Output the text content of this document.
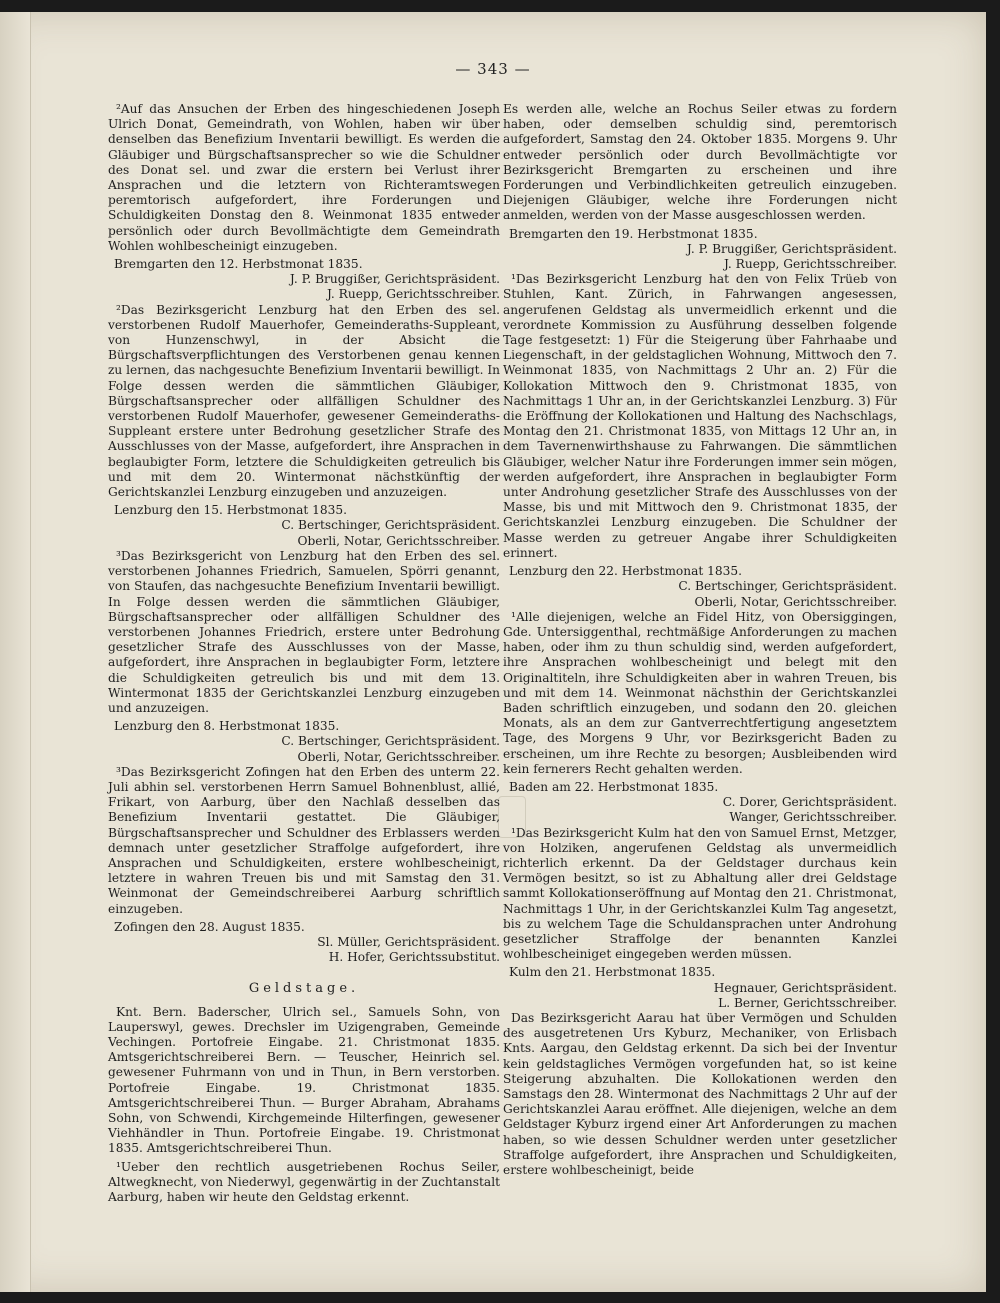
— 343 —

²Auf das Ansuchen der Erben des hingeschiedenen Joseph Ulrich Donat, Gemeindrath, von Wohlen, haben wir über denselben das Benefizium Inventarii bewilligt. Es werden die Gläubiger und Bürgschaftsansprecher so wie die Schuldner des Donat sel. und zwar die erstern bei Verlust ihrer Ansprachen und die letztern von Richteramtswegen peremtorisch aufgefordert, ihre Forderungen und Schuldigkeiten Donstag den 8. Weinmonat 1835 entweder persönlich oder durch Bevollmächtigte dem Gemeindrath Wohlen wohlbescheinigt einzugeben.

Bremgarten den 12. Herbstmonat 1835.
J. P. Bruggißer, Gerichtspräsident.
J. Ruepp, Gerichtsschreiber.

²Das Bezirksgericht Lenzburg hat den Erben des sel. verstorbenen Rudolf Mauerhofer, Gemeinderaths-Suppleant, von Hunzenschwyl, in der Absicht die Bürgschaftsverpflichtungen des Verstorbenen genau kennen zu lernen, das nachgesuchte Benefizium Inventarii bewilligt. In Folge dessen werden die sämmtlichen Gläubiger, Bürgschaftsansprecher oder allfälligen Schuldner des verstorbenen Rudolf Mauerhofer, gewesener Gemeinderaths-Suppleant erstere unter Bedrohung gesetzlicher Strafe des Ausschlusses von der Masse, aufgefordert, ihre Ansprachen in beglaubigter Form, letztere die Schuldigkeiten getreulich bis und mit dem 20. Wintermonat nächstkünftig der Gerichtskanzlei Lenzburg einzugeben und anzuzeigen.

Lenzburg den 15. Herbstmonat 1835.
C. Bertschinger, Gerichtspräsident.
Oberli, Notar, Gerichtsschreiber.

³Das Bezirksgericht von Lenzburg hat den Erben des sel. verstorbenen Johannes Friedrich, Samuelen, Spörri genannt, von Staufen, das nachgesuchte Benefizium Inventarii bewilligt. In Folge dessen werden die sämmtlichen Gläubiger, Bürgschaftsansprecher oder allfälligen Schuldner des verstorbenen Johannes Friedrich, erstere unter Bedrohung gesetzlicher Strafe des Ausschlusses von der Masse, aufgefordert, ihre Ansprachen in beglaubigter Form, letztere die Schuldigkeiten getreulich bis und mit dem 13. Wintermonat 1835 der Gerichtskanzlei Lenzburg einzugeben und anzuzeigen.

Lenzburg den 8. Herbstmonat 1835.
C. Bertschinger, Gerichtspräsident.
Oberli, Notar, Gerichtsschreiber.

³Das Bezirksgericht Zofingen hat den Erben des unterm 22. Juli abhin sel. verstorbenen Herrn Samuel Bohnenblust, allié, Frikart, von Aarburg, über den Nachlaß desselben das Benefizium Inventarii gestattet. Die Gläubiger, Bürgschaftsansprecher und Schuldner des Erblassers werden demnach unter gesetzlicher Straffolge aufgefordert, ihre Ansprachen und Schuldigkeiten, erstere wohlbescheinigt, letztere in wahren Treuen bis und mit Samstag den 31. Weinmonat der Gemeindschreiberei Aarburg schriftlich einzugeben.

Zofingen den 28. August 1835.
Sl. Müller, Gerichtspräsident.
H. Hofer, Gerichtssubstitut.
Geldstage.

Knt. Bern. Baderscher, Ulrich sel., Samuels Sohn, von Lauperswyl, gewes. Drechsler im Uzigengraben, Gemeinde Vechingen. Portofreie Eingabe. 21. Christmonat 1835. Amtsgerichtschreiberei Bern. — Teuscher, Heinrich sel. gewesener Fuhrmann von und in Thun, in Bern verstorben. Portofreie Eingabe. 19. Christmonat 1835. Amtsgerichtschreiberei Thun. — Burger Abraham, Abrahams Sohn, von Schwendi, Kirchgemeinde Hilterfingen, gewesener Viehhändler in Thun. Portofreie Eingabe. 19. Christmonat 1835. Amtsgerichtschreiberei Thun.

¹Ueber den rechtlich ausgetriebenen Rochus Seiler, Altwegknecht, von Niederwyl, gegenwärtig in der Zuchtanstalt Aarburg, haben wir heute den Geldstag erkennt.

Es werden alle, welche an Rochus Seiler etwas zu fordern haben, oder demselben schuldig sind, peremtorisch aufgefordert, Samstag den 24. Oktober 1835. Morgens 9. Uhr entweder persönlich oder durch Bevollmächtigte vor Bezirksgericht Bremgarten zu erscheinen und ihre Forderungen und Verbindlichkeiten getreulich einzugeben. Diejenigen Gläubiger, welche ihre Forderungen nicht anmelden, werden von der Masse ausgeschlossen werden.

Bremgarten den 19. Herbstmonat 1835.
J. P. Bruggißer, Gerichtspräsident.
J. Ruepp, Gerichtsschreiber.

¹Das Bezirksgericht Lenzburg hat den von Felix Trüeb von Stuhlen, Kant. Zürich, in Fahrwangen angesessen, angerufenen Geldstag als unvermeidlich erkennt und die verordnete Kommission zu Ausführung desselben folgende Tage festgesetzt: 1) Für die Steigerung über Fahrhaabe und Liegenschaft, in der geldstaglichen Wohnung, Mittwoch den 7. Weinmonat 1835, von Nachmittags 2 Uhr an. 2) Für die Kollokation Mittwoch den 9. Christmonat 1835, von Nachmittags 1 Uhr an, in der Gerichtskanzlei Lenzburg. 3) Für die Eröffnung der Kollokationen und Haltung des Nachschlags, Montag den 21. Christmonat 1835, von Mittags 12 Uhr an, in dem Tavernenwirthshause zu Fahrwangen. Die sämmtlichen Gläubiger, welcher Natur ihre Forderungen immer sein mögen, werden aufgefordert, ihre Ansprachen in beglaubigter Form unter Androhung gesetzlicher Strafe des Ausschlusses von der Masse, bis und mit Mittwoch den 9. Christmonat 1835, der Gerichtskanzlei Lenzburg einzugeben. Die Schuldner der Masse werden zu getreuer Angabe ihrer Schuldigkeiten erinnert.

Lenzburg den 22. Herbstmonat 1835.
C. Bertschinger, Gerichtspräsident.
Oberli, Notar, Gerichtsschreiber.

¹Alle diejenigen, welche an Fidel Hitz, von Obersiggingen, Gde. Untersiggenthal, rechtmäßige Anforderungen zu machen haben, oder ihm zu thun schuldig sind, werden aufgefordert, ihre Ansprachen wohlbescheinigt und belegt mit den Originaltiteln, ihre Schuldigkeiten aber in wahren Treuen, bis und mit dem 14. Weinmonat nächsthin der Gerichtskanzlei Baden schriftlich einzugeben, und sodann den 20. gleichen Monats, als an dem zur Gantverrechtfertigung angesetztem Tage, des Morgens 9 Uhr, vor Bezirksgericht Baden zu erscheinen, um ihre Rechte zu besorgen; Ausbleibenden wird kein fernerers Recht gehalten werden.

Baden am 22. Herbstmonat 1835.
C. Dorer, Gerichtspräsident.
Wanger, Gerichtsschreiber.

¹Das Bezirksgericht Kulm hat den von Samuel Ernst, Metzger, von Holziken, angerufenen Geldstag als unvermeidlich richterlich erkennt. Da der Geldstager durchaus kein Vermögen besitzt, so ist zu Abhaltung aller drei Geldstage sammt Kollokationseröffnung auf Montag den 21. Christmonat, Nachmittags 1 Uhr, in der Gerichtskanzlei Kulm Tag angesetzt, bis zu welchem Tage die Schuldansprachen unter Androhung gesetzlicher Straffolge der benannten Kanzlei wohlbescheiniget eingegeben werden müssen.

Kulm den 21. Herbstmonat 1835.
Hegnauer, Gerichtspräsident.
L. Berner, Gerichtsschreiber.

Das Bezirksgericht Aarau hat über Vermögen und Schulden des ausgetretenen Urs Kyburz, Mechaniker, von Erlisbach Knts. Aargau, den Geldstag erkennt. Da sich bei der Inventur kein geldstagliches Vermögen vorgefunden hat, so ist keine Steigerung abzuhalten. Die Kollokationen werden den Samstags den 28. Wintermonat des Nachmittags 2 Uhr auf der Gerichtskanzlei Aarau eröffnet. Alle diejenigen, welche an dem Geldstager Kyburz irgend einer Art Anforderungen zu machen haben, so wie dessen Schuldner werden unter gesetzlicher Straffolge aufgefordert, ihre Ansprachen und Schuldigkeiten, erstere wohlbescheinigt, beide
